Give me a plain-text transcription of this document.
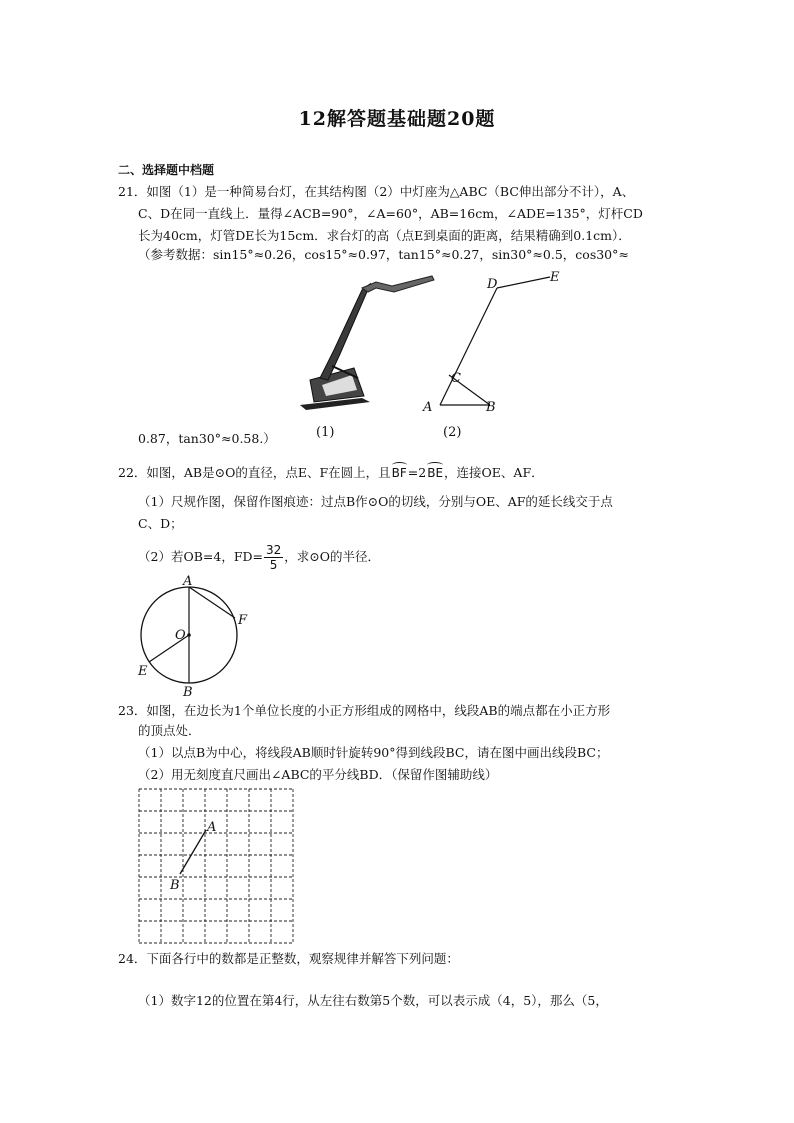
12解答题基础题20题
二、选择题中档题
21．如图（1）是一种简易台灯，在其结构图（2）中灯座为△ABC（BC伸出部分不计），A、
C、D在同一直线上．量得∠ACB=90°，∠A=60°，AB=16cm，∠ADE=135°，灯杆CD
长为40cm，灯管DE长为15cm．求台灯的高（点E到桌面的距离，结果精确到0.1cm）．
（参考数据：sin15°≈0.26，cos15°≈0.97，tan15°≈0.27，sin30°≈0.5，cos30°≈
(1)
D	E
C
A	B
(2)
0.87，tan30°≈0.58.）
22．如图，AB是⊙O的直径，点E、F在圆上，且BF=2BE，连接OE、AF．
（1）尺规作图，保留作图痕迹：过点B作⊙O的切线，分别与OE、AF的延长线交于点
C、D；
（2）若OB=4，$FD= \frac{32}{5}$ ，求⊙O的半径．
A
O
F
E
B
23．如图，在边长为1个单位长度的小正方形组成的网格中，线段AB的端点都在小正方形
的顶点处．
（1）以点B为中心，将线段AB顺时针旋转90°得到线段BC，请在图中画出线段BC；
（2）用无刻度直尺画出∠ABC的平分线BD．（保留作图辅助线）
A
B
24．下面各行中的数都是正整数，观察规律并解答下列问题：
（1）数字12的位置在第4行，从左往右数第5个数，可以表示成（4，5），那么（5，
